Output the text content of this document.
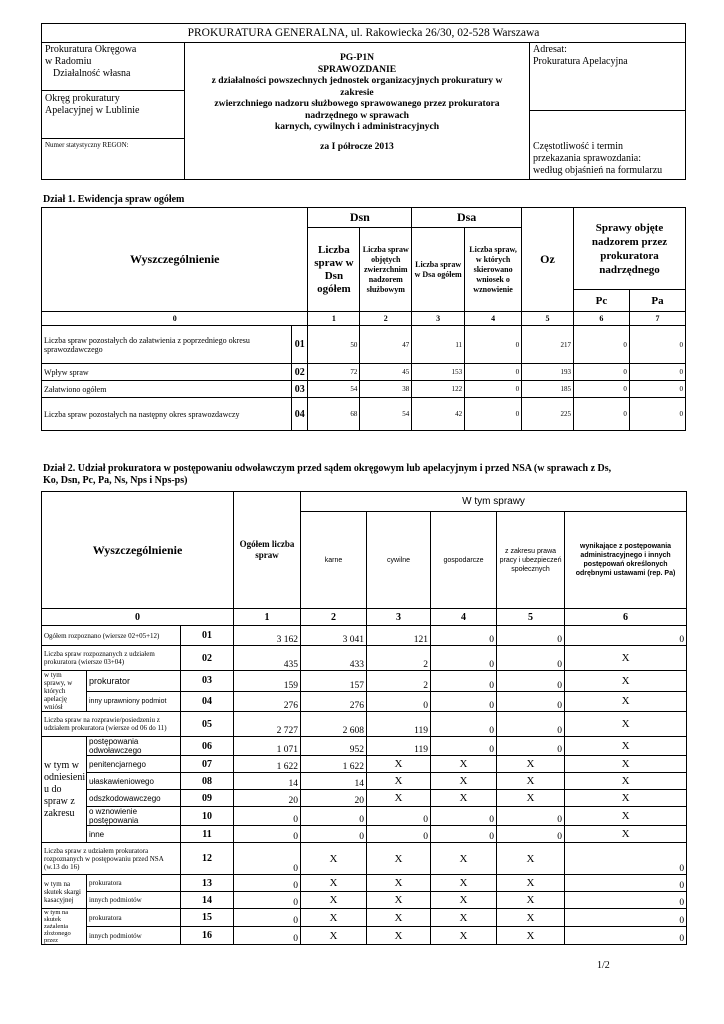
PROKURATURA GENERALNA, ul. Rakowiecka 26/30, 02-528 Warszawa
Prokuratura Okręgowa
w Radomiu
Działalność własna
Okręg prokuratury
Apelacyjnej w Lublinie
Numer statystyczny REGON:
PG-P1N
SPRAWOZDANIE
z działalności powszechnych jednostek organizacyjnych prokuratury w
zakresie
zwierzchniego nadzoru służbowego sprawowanego przez prokuratora
nadrzędnego w sprawach
karnych, cywilnych i administracyjnych
za I półrocze 2013
Adresat:
Prokuratura Apelacyjna
Częstotliwość i termin
przekazania sprawozdania:
według objaśnień na formularzu
Dział 1. Ewidencja spraw ogółem
Wyszczególnienie		Dsn		Dsa		Oz	Sprawy objęte nadzorem przez prokuratora nadrzędnego	
		Liczba spraw w Dsn ogółem	Liczba spraw objętych zwierzchnim nadzorem służbowym	Liczba spraw w Dsa ogółem	Liczba spraw, w których skierowano wniosek o wznowienie			
							Pc	Pa
0		1	2	3	4	5	6	7
Liczba spraw pozostałych do załatwienia z poprzedniego okresu sprawozdawczego	01	50	47	11	0	217	0	0
Wpływ spraw	02	72	45	153	0	193	0	0
Załatwiono ogółem	03	54	38	122	0	185	0	0
Liczba spraw pozostałych na następny okres sprawozdawczy	04	68	54	42	0	225	0	0
Dział 2. Udział prokuratora w postępowaniu odwoławczym przed sądem okręgowym lub apelacyjnym i przed NSA (w sprawach z Ds,
Ko, Dsn, Pc, Pa, Ns, Nps i Nps-ps)
Wyszczególnienie			Ogółem liczba spraw	W tym sprawy				
				karne	cywilne	gospodarcze	z zakresu prawa pracy i ubezpieczeń społecznych	wynikające z postępowania administracyjnego i innych postępowań określonych odrębnymi ustawami (rep. Pa)
0			1	2	3	4	5	6
Ogółem rozpoznano (wiersze 02+05+12)		01	3 162	3 041	121	0	0	0
Liczba spraw rozpoznanych z udziałem prokuratora (wiersze 03+04)		02	435	433	2	0	0	X
w tym sprawy, w których apelację wniósł	prokurator	03	159	157	2	0	0	X
	inny uprawniony podmiot	04	276	276	0	0	0	X
Liczba spraw na rozprawie/posiedzeniu z udziałem prokuratora (wiersze od 06 do 11)		05	2 727	2 608	119	0	0	X
w tym w odniesieni u do spraw z zakresu	postępowania odwoławczego	06	1 071	952	119	0	0	X
	penitencjarnego	07	1 622	1 622	X	X	X	X
	ułaskawieniowego	08	14	14	X	X	X	X
	odszkodowawczego	09	20	20	X	X	X	X
	o wznowienie postępowania	10	0	0	0	0	0	X
	inne	11	0	0	0	0	0	X
Liczba spraw z udziałem prokuratora rozpoznanych w postępowaniu przed NSA (w.13 do 16)		12	0	X	X	X	X	0
w tym na skutek skargi kasacyjnej	prokuratora	13	0	X	X	X	X	0
	innych podmiotów	14	0	X	X	X	X	0
w tym na skutek zażalenia złożonego przez	prokuratora	15	0	X	X	X	X	0
	innych podmiotów	16	0	X	X	X	X	0
1/2
